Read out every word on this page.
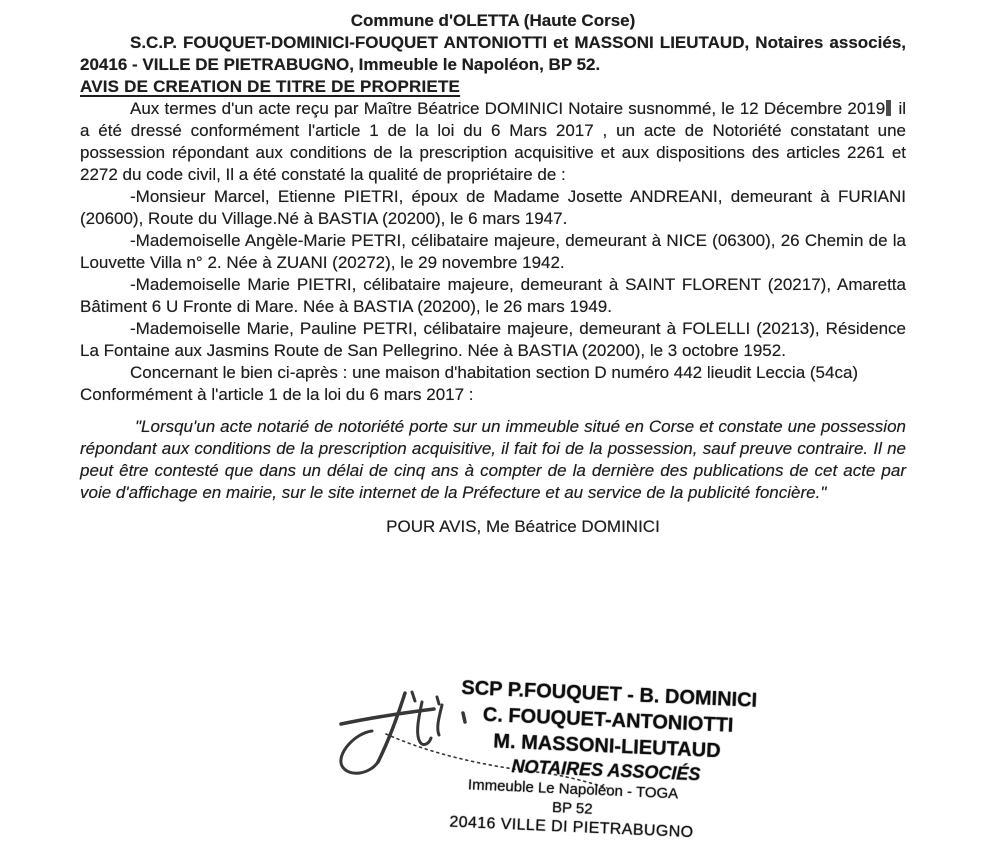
Commune d'OLETTA (Haute Corse)

S.C.P. FOUQUET-DOMINICI-FOUQUET ANTONIOTTI et MASSONI LIEUTAUD, Notaires associés, 20416 - VILLE DE PIETRABUGNO, Immeuble le Napoléon, BP 52.

AVIS DE CREATION DE TITRE DE PROPRIETE

Aux termes d'un acte reçu par Maître Béatrice DOMINICI Notaire susnommé, le 12 Décembre 2019 il a été dressé conformément l'article 1 de la loi du 6 Mars 2017 , un acte de Notoriété constatant une possession répondant aux conditions de la prescription acquisitive et aux dispositions des articles 2261 et 2272 du code civil, Il a été constaté la qualité de propriétaire de :

-Monsieur Marcel, Etienne PIETRI, époux de Madame Josette ANDREANI, demeurant à FURIANI (20600), Route du Village.Né à BASTIA (20200), le 6 mars 1947.

-Mademoiselle Angèle-Marie PETRI, célibataire majeure, demeurant à NICE (06300), 26 Chemin de la Louvette Villa n° 2. Née à ZUANI (20272), le 29 novembre 1942.

-Mademoiselle Marie PIETRI, célibataire majeure, demeurant à SAINT FLORENT (20217), Amaretta Bâtiment 6 U Fronte di Mare. Née à BASTIA (20200), le 26 mars 1949.

-Mademoiselle Marie, Pauline PETRI, célibataire majeure, demeurant à FOLELLI (20213), Résidence La Fontaine aux Jasmins Route de San Pellegrino. Née à BASTIA (20200), le 3 octobre 1952.

Concernant le bien ci-après : une maison d'habitation section D numéro 442 lieudit Leccia (54ca)

Conformément à l'article 1 de la loi du 6 mars 2017 :

"Lorsqu'un acte notarié de notoriété porte sur un immeuble situé en Corse et constate une possession répondant aux conditions de la prescription acquisitive, il fait foi de la possession, sauf preuve contraire. Il ne peut être contesté que dans un délai de cinq ans à compter de la dernière des publications de cet acte par voie d'affichage en mairie, sur le site internet de la Préfecture et au service de la publicité foncière."

POUR AVIS, Me Béatrice DOMINICI

SCP P.FOUQUET - B. DOMINICI
C. FOUQUET-ANTONIOTTI
M. MASSONI-LIEUTAUD
NOTAIRES ASSOCIÉS
Immeuble Le Napoléon - TOGA
BP 52
20416 VILLE DI PIETRABUGNO
